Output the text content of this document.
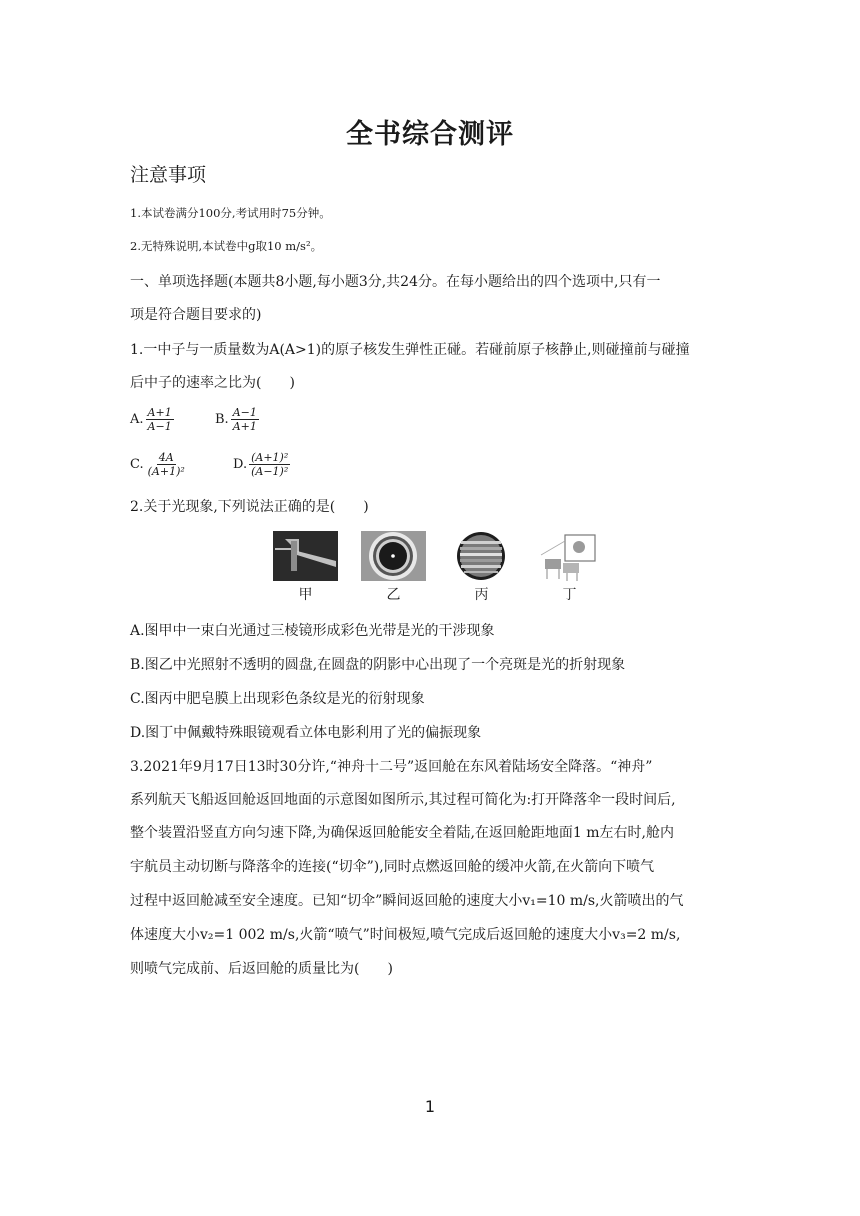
全书综合测评
注意事项
1.本试卷满分100分,考试用时75分钟。
2.无特殊说明,本试卷中g取10 m/s²。
一、单项选择题(本题共8小题,每小题3分,共24分。在每小题给出的四个选项中,只有一
项是符合题目要求的)
1.一中子与一质量数为A(A>1)的原子核发生弹性正碰。若碰前原子核静止,则碰撞前与碰撞
后中子的速率之比为(　　)
A. $\frac{A+1}{A-1}$	B. $\frac{A-1}{A+1}$
C. $\frac{4A}{\text{(A+1)²}}$	D. $\frac{\text{(A+1)²}}{\text{(A−1)²}}$
2.关于光现象,下列说法正确的是(　　)
甲	乙	丙	丁
A.图甲中一束白光通过三棱镜形成彩色光带是光的干涉现象
B.图乙中光照射不透明的圆盘,在圆盘的阴影中心出现了一个亮斑是光的折射现象
C.图丙中肥皂膜上出现彩色条纹是光的衍射现象
D.图丁中佩戴特殊眼镜观看立体电影利用了光的偏振现象
3.2021年9月17日13时30分许,“神舟十二号”返回舱在东风着陆场安全降落。“神舟”
系列航天飞船返回舱返回地面的示意图如图所示,其过程可简化为:打开降落伞一段时间后,
整个装置沿竖直方向匀速下降,为确保返回舱能安全着陆,在返回舱距地面1 m左右时,舱内
宇航员主动切断与降落伞的连接(“切伞”),同时点燃返回舱的缓冲火箭,在火箭向下喷气
过程中返回舱减至安全速度。已知“切伞”瞬间返回舱的速度大小v₁=10 m/s,火箭喷出的气
体速度大小v₂=1 002 m/s,火箭“喷气”时间极短,喷气完成后返回舱的速度大小v₃=2 m/s,
则喷气完成前、后返回舱的质量比为(　　)
1
